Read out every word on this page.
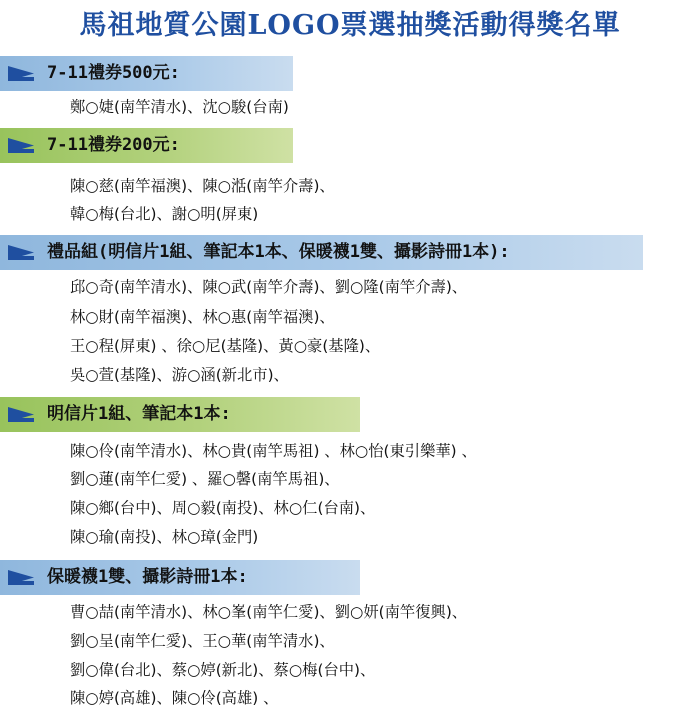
馬祖地質公園LOGO票選抽獎活動得獎名單
7-11禮券500元:
鄭○婕(南竿清水)、沈○駿(台南)
7-11禮券200元:
陳○慈(南竿福澳)、陳○湉(南竿介壽)、
韓○梅(台北)、謝○明(屏東)
禮品組(明信片1組、筆記本1本、保暖襪1雙、攝影詩冊1本):
邱○奇(南竿清水)、陳○武(南竿介壽)、劉○隆(南竿介壽)、
林○財(南竿福澳)、林○惠(南竿福澳)、
王○程(屏東) 、徐○尼(基隆)、黃○豪(基隆)、
吳○萱(基隆)、游○涵(新北市)、
明信片1組、筆記本1本:
陳○伶(南竿清水)、林○貴(南竿馬祖) 、林○怡(東引樂華) 、
劉○蓮(南竿仁愛) 、羅○馨(南竿馬祖)、
陳○鄉(台中)、周○毅(南投)、林○仁(台南)、
陳○瑜(南投)、林○璋(金門)
保暖襪1雙、攝影詩冊1本:
曹○喆(南竿清水)、林○峯(南竿仁愛)、劉○妍(南竿復興)、
劉○呈(南竿仁愛)、王○華(南竿清水)、
劉○偉(台北)、蔡○婷(新北)、蔡○梅(台中)、
陳○婷(高雄)、陳○伶(高雄) 、
